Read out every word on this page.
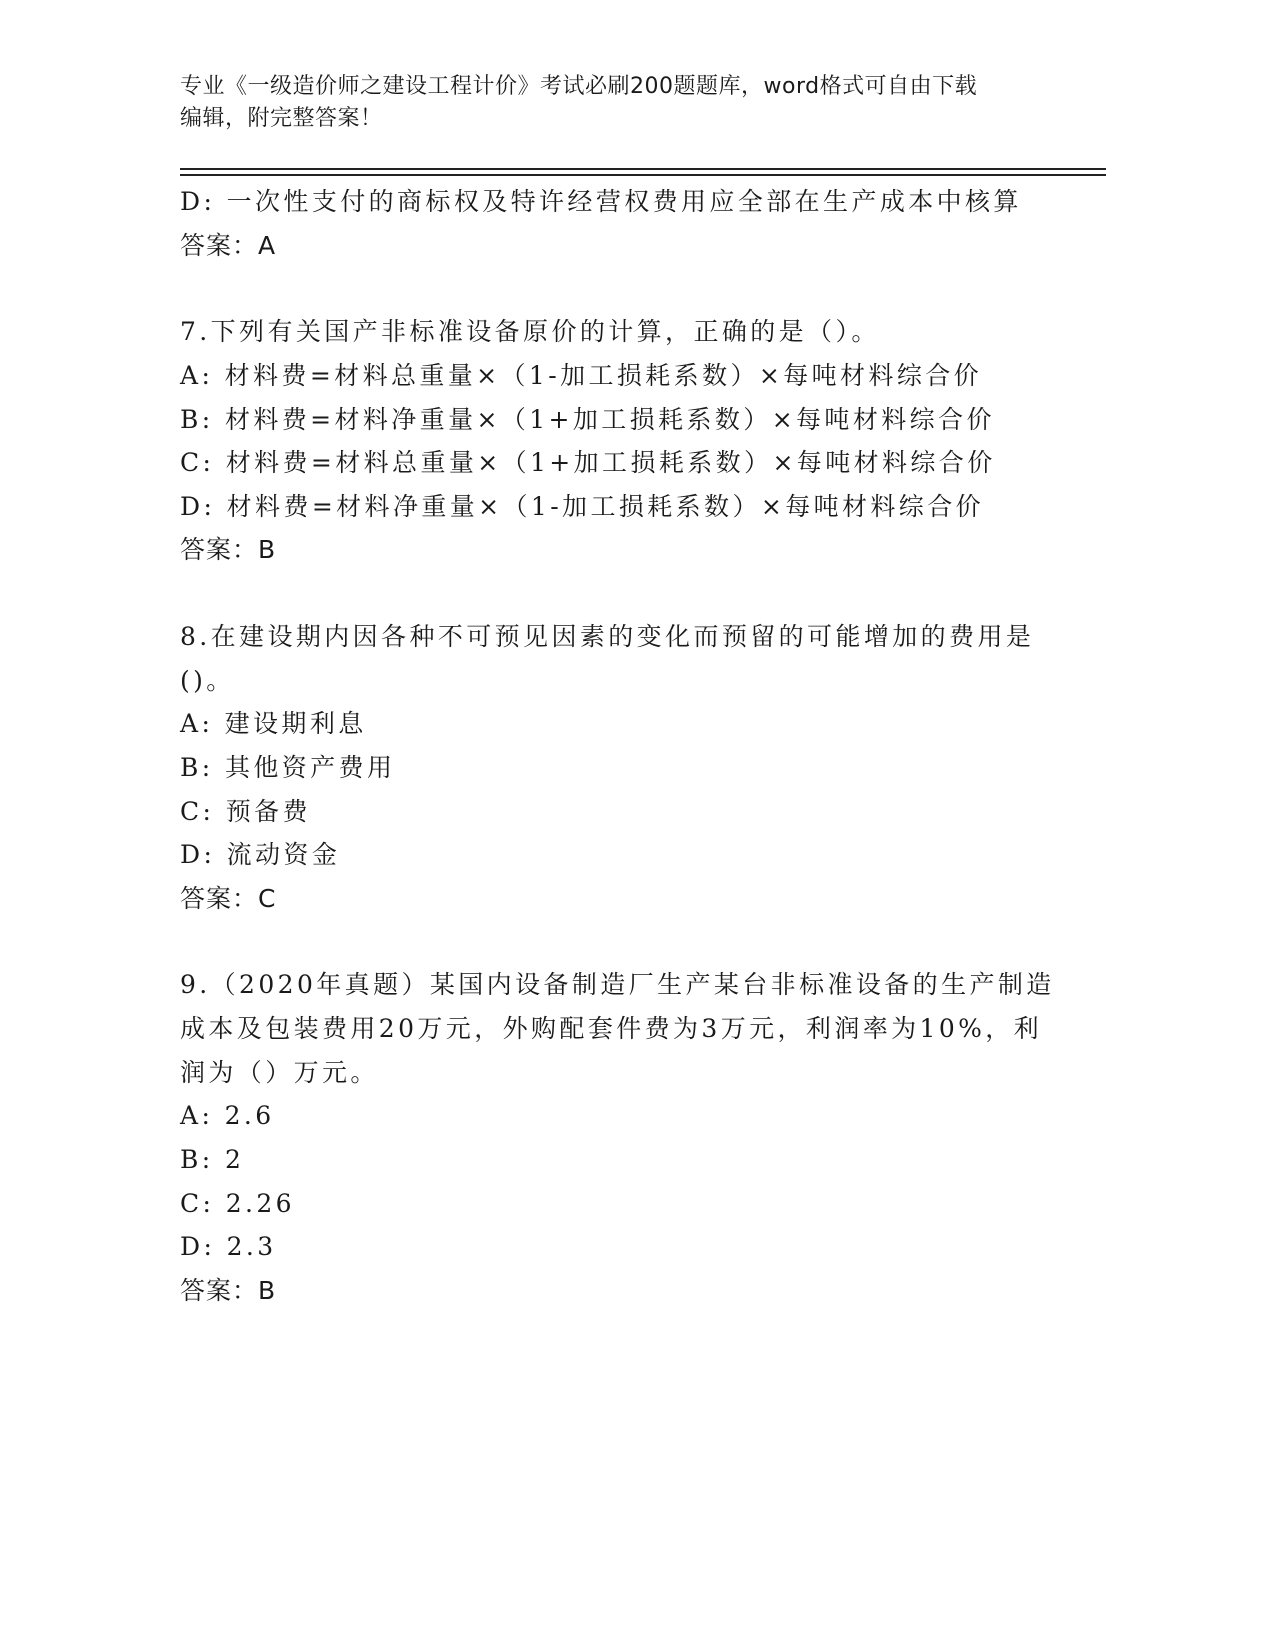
专业《一级造价师之建设工程计价》考试必刷200题题库，word格式可自由下载
编辑，附完整答案！
D: 一次性支付的商标权及特许经营权费用应全部在生产成本中核算
答案：A
7.下列有关国产非标准设备原价的计算，正确的是（）。
A: 材料费=材料总重量×（1-加工损耗系数）×每吨材料综合价
B: 材料费=材料净重量×（1+加工损耗系数）×每吨材料综合价
C: 材料费=材料总重量×（1+加工损耗系数）×每吨材料综合价
D: 材料费=材料净重量×（1-加工损耗系数）×每吨材料综合价
答案：B
8.在建设期内因各种不可预见因素的变化而预留的可能增加的费用是
()。
A: 建设期利息
B: 其他资产费用
C: 预备费
D: 流动资金
答案：C
9.（2020年真题）某国内设备制造厂生产某台非标准设备的生产制造
成本及包装费用20万元，外购配套件费为3万元，利润率为10%，利
润为（）万元。
A: 2.6
B: 2
C: 2.26
D: 2.3
答案：B
